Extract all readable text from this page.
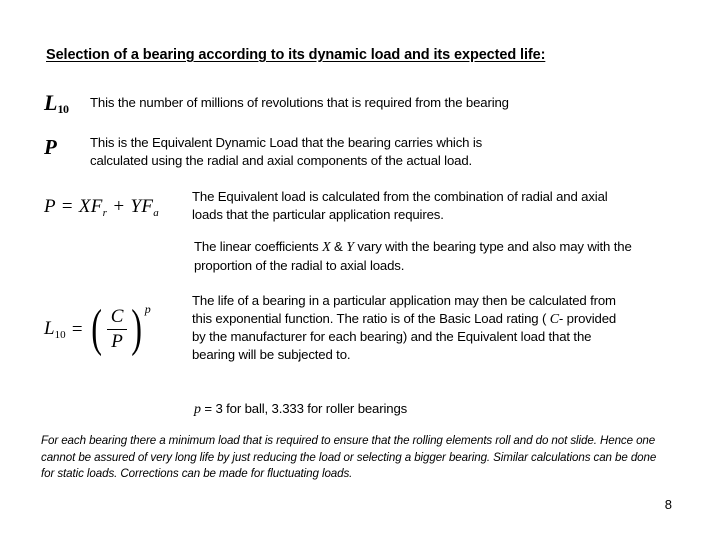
Selection of a bearing according to its dynamic load and its expected life:
$L_{10}$	This the number of millions of revolutions that is required from the bearing
P	This is the Equivalent Dynamic Load that the bearing carries which is calculated using the radial and axial components of the actual load.
$P = XF_r + YF_a$
The Equivalent load is calculated from the combination of radial and axial loads that the particular application requires.
The linear coefficients X & Y vary with the bearing type and also may with the proportion of the radial to axial loads.
$L_{10}$ = ( $\frac{C}{P}$ ) p
The life of a bearing in a particular application may then be calculated from this exponential function. The ratio is of the Basic Load rating ( C- provided by the manufacturer for each bearing) and the Equivalent load that the bearing will be subjected to.
p = 3 for ball, 3.333 for roller bearings
For each bearing there a minimum load that is required to ensure that the rolling elements roll and do not slide. Hence one cannot be assured of very long life by just reducing the load or selecting a bigger bearing. Similar calculations can be done for static loads. Corrections can be made for fluctuating loads.
8
